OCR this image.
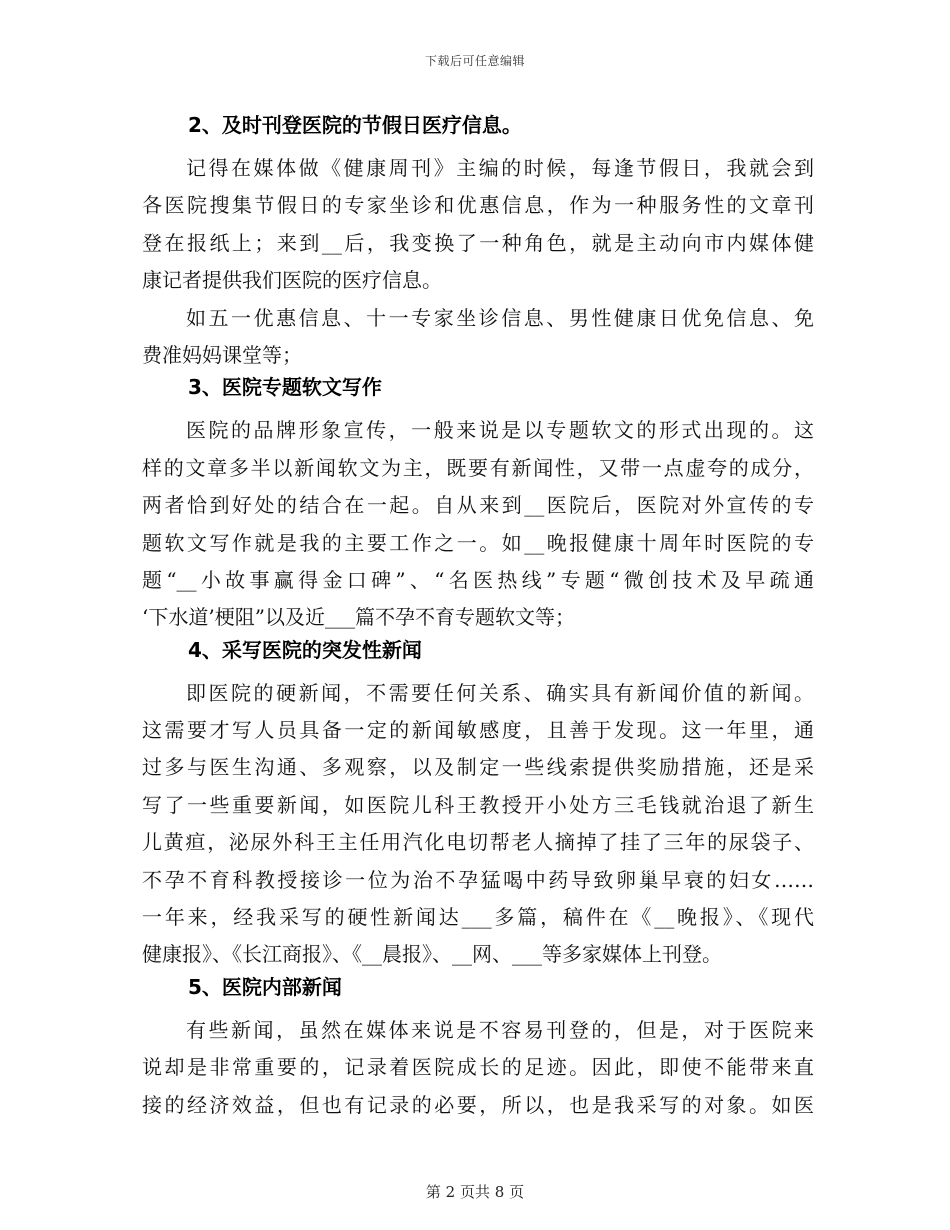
下载后可任意编辑
2、及时刊登医院的节假日医疗信息。
记得在媒体做《健康周刊》主编的时候，每逢节假日，我就会到
各医院搜集节假日的专家坐诊和优惠信息，作为一种服务性的文章刊
登在报纸上；来到__后，我变换了一种角色，就是主动向市内媒体健
康记者提供我们医院的医疗信息。
如五一优惠信息、十一专家坐诊信息、男性健康日优免信息、免
费准妈妈课堂等；
3、医院专题软文写作
医院的品牌形象宣传，一般来说是以专题软文的形式出现的。这
样的文章多半以新闻软文为主，既要有新闻性，又带一点虚夸的成分，
两者恰到好处的结合在一起。自从来到__医院后，医院对外宣传的专
题软文写作就是我的主要工作之一。如__晚报健康十周年时医院的专
题“__小故事赢得金口碑”、“名医热线”专题“微创技术及早疏通
‘下水道’梗阻”以及近___篇不孕不育专题软文等；
4、采写医院的突发性新闻
即医院的硬新闻，不需要任何关系、确实具有新闻价值的新闻。
这需要才写人员具备一定的新闻敏感度，且善于发现。这一年里，通
过多与医生沟通、多观察，以及制定一些线索提供奖励措施，还是采
写了一些重要新闻，如医院儿科王教授开小处方三毛钱就治退了新生
儿黄疸，泌尿外科王主任用汽化电切帮老人摘掉了挂了三年的尿袋子、
不孕不育科教授接诊一位为治不孕猛喝中药导致卵巢早衰的妇女……
一年来，经我采写的硬性新闻达___多篇，稿件在《__晚报》、《现代
健康报》、《长江商报》、《__晨报》、__网、___等多家媒体上刊登。
5、医院内部新闻
有些新闻，虽然在媒体来说是不容易刊登的，但是，对于医院来
说却是非常重要的，记录着医院成长的足迹。因此，即使不能带来直
接的经济效益，但也有记录的必要，所以，也是我采写的对象。如医
第 2 页共 8 页
